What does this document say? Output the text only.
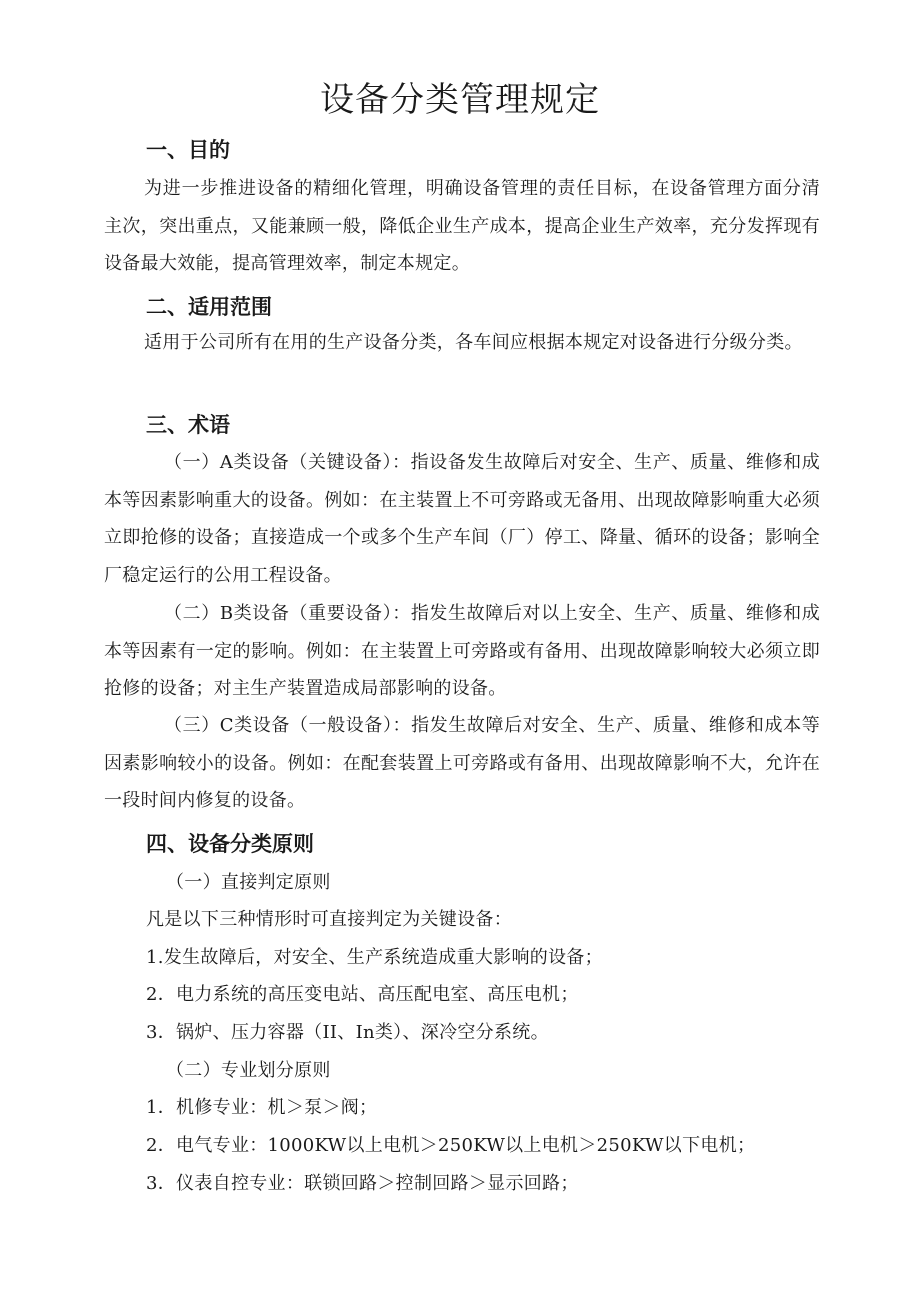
设备分类管理规定
一、目的

为进一步推进设备的精细化管理，明确设备管理的责任目标，在设备管理方面分清主次，突出重点，又能兼顾一般，降低企业生产成本，提高企业生产效率，充分发挥现有设备最大效能，提高管理效率，制定本规定。

二、适用范围

适用于公司所有在用的生产设备分类，各车间应根据本规定对设备进行分级分类。

三、术语

（一）A类设备（关键设备）：指设备发生故障后对安全、生产、质量、维修和成本等因素影响重大的设备。例如：在主装置上不可旁路或无备用、出现故障影响重大必须立即抢修的设备；直接造成一个或多个生产车间（厂）停工、降量、循环的设备；影响全厂稳定运行的公用工程设备。

（二）B类设备（重要设备）：指发生故障后对以上安全、生产、质量、维修和成本等因素有一定的影响。例如：在主装置上可旁路或有备用、出现故障影响较大必须立即抢修的设备；对主生产装置造成局部影响的设备。

（三）C类设备（一般设备）：指发生故障后对安全、生产、质量、维修和成本等因素影响较小的设备。例如：在配套装置上可旁路或有备用、出现故障影响不大，允许在一段时间内修复的设备。

四、设备分类原则

（一）直接判定原则

凡是以下三种情形时可直接判定为关键设备：

1.发生故障后，对安全、生产系统造成重大影响的设备；

2．电力系统的高压变电站、高压配电室、高压电机；

3．锅炉、压力容器（II、In类）、深冷空分系统。

（二）专业划分原则

1．机修专业：机＞泵＞阀；

2．电气专业：1000KW以上电机＞250KW以上电机＞250KW以下电机；

3．仪表自控专业：联锁回路＞控制回路＞显示回路；
